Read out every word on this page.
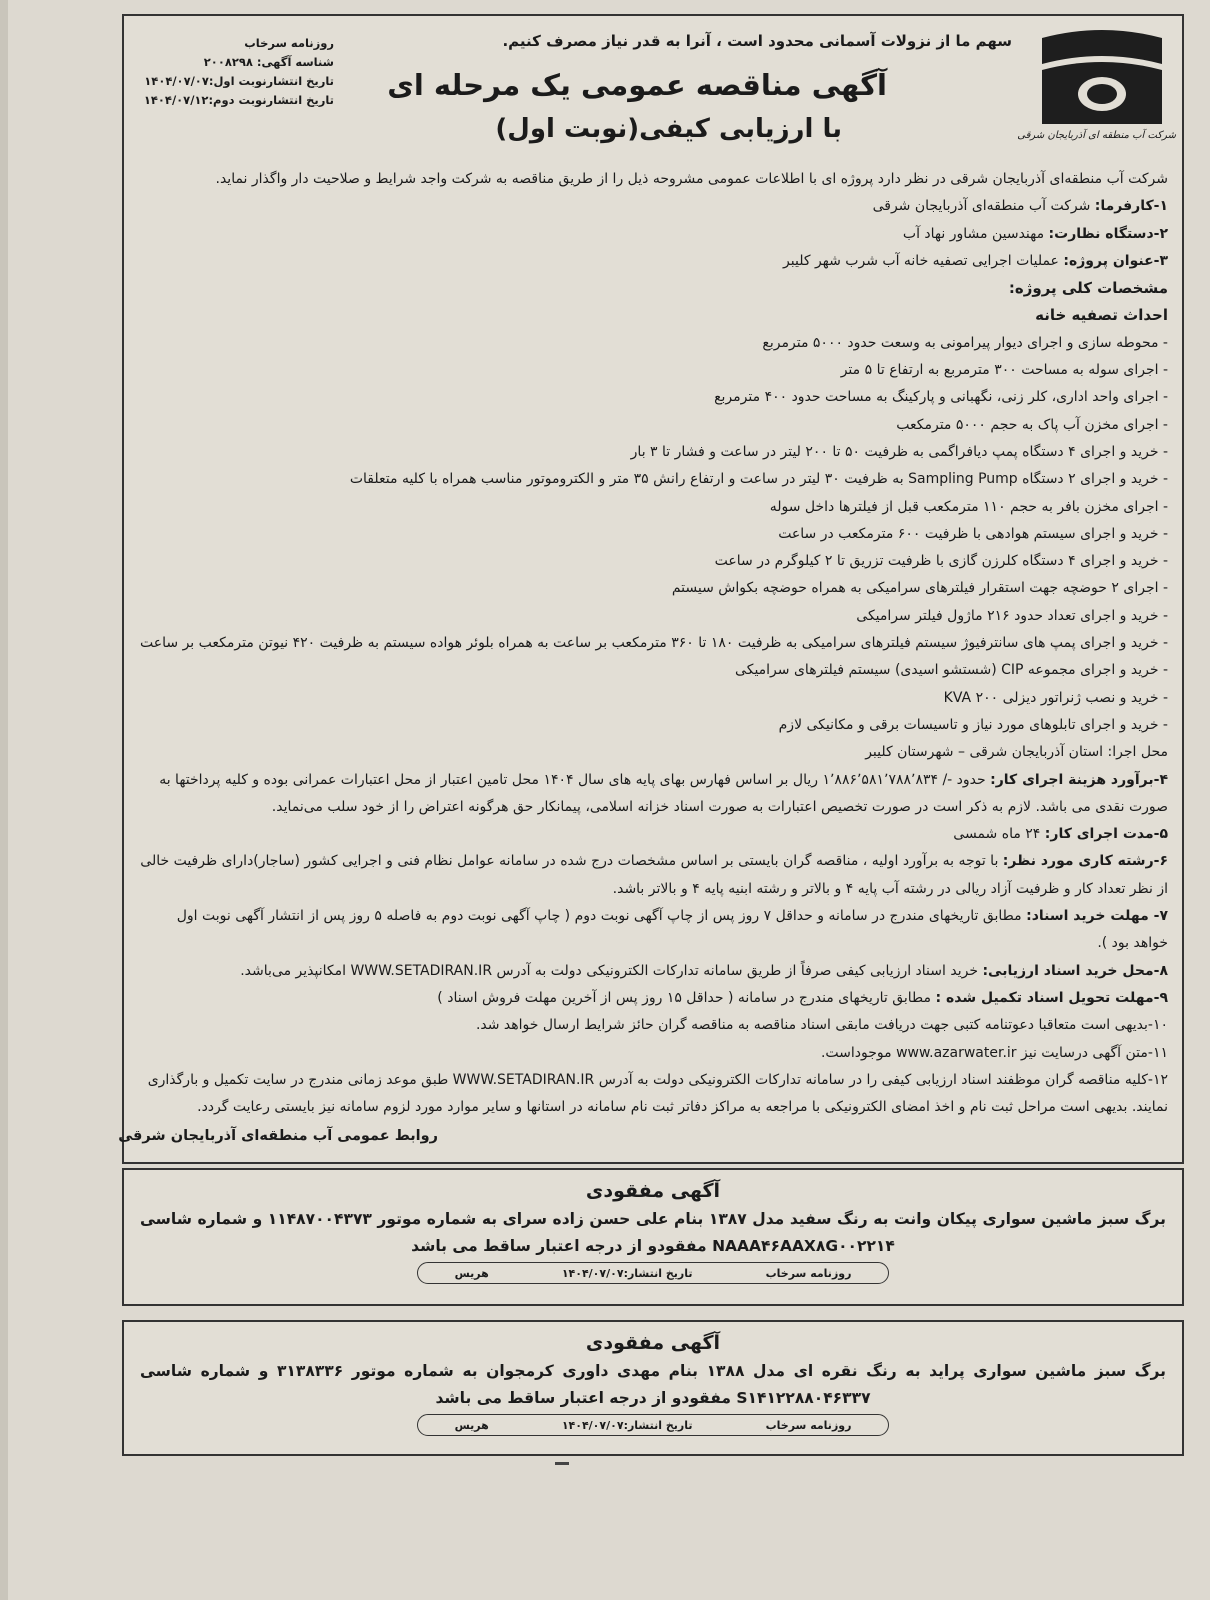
شرکت آب منطقه ای آذربایجان شرقی
سهم ما از نزولات آسمانی محدود است ، آنرا به قدر نیاز مصرف کنیم.
آگهی مناقصه عمومی یک مرحله ای
با ارزیابی کیفی(نوبت اول)
روزنامه سرخاب
شناسه آگهی: ۲۰۰۸۲۹۸
تاریخ انتشارنوبت اول:۱۴۰۴/۰۷/۰۷
تاریخ انتشارنوبت دوم:۱۴۰۴/۰۷/۱۲

شرکت آب منطقه‌ای آذربایجان شرقی در نظر دارد پروژه ای با اطلاعات عمومی مشروحه ذیل را از طریق مناقصه به شرکت واجد شرایط و صلاحیت دار واگذار نماید.

۱-کارفرما: شرکت آب منطقه‌ای آذربایجان شرقی

۲-دستگاه نظارت: مهندسین مشاور نهاد آب

۳-عنوان پروژه: عملیات اجرایی تصفیه خانه آب شرب شهر کلیبر

مشخصات کلی پروژه:

احداث تصفیه خانه

- محوطه سازی و اجرای دیوار پیرامونی به وسعت حدود ۵۰۰۰ مترمربع

- اجرای سوله به مساحت ۳۰۰ مترمربع به ارتفاع تا ۵ متر

- اجرای واحد اداری، کلر زنی، نگهبانی و پارکینگ به مساحت حدود ۴۰۰ مترمربع

- اجرای مخزن آب پاک به حجم ۵۰۰۰ مترمکعب

- خرید و اجرای ۴ دستگاه پمپ دیافراگمی به ظرفیت ۵۰ تا ۲۰۰ لیتر در ساعت و فشار تا ۳ بار

- خرید و اجرای ۲ دستگاه Sampling Pump به ظرفیت ۳۰ لیتر در ساعت و ارتفاع رانش ۳۵ متر و الکتروموتور مناسب همراه با کلیه متعلقات

- اجرای مخزن بافر به حجم ۱۱۰ مترمکعب قبل از فیلترها داخل سوله

- خرید و اجرای سیستم هوادهی با ظرفیت ۶۰۰ مترمکعب در ساعت

- خرید و اجرای ۴ دستگاه کلرزن گازی با ظرفیت تزریق تا ۲ کیلوگرم در ساعت

- اجرای ۲ حوضچه جهت استقرار فیلترهای سرامیکی به همراه حوضچه بکواش سیستم

- خرید و اجرای تعداد حدود ۲۱۶ ماژول فیلتر سرامیکی

- خرید و اجرای پمپ های سانترفیوژ سیستم فیلترهای سرامیکی به ظرفیت ۱۸۰ تا ۳۶۰ مترمکعب بر ساعت به همراه بلوئر هواده سیستم به ظرفیت ۴۲۰ نیوتن مترمکعب بر ساعت

- خرید و اجرای مجموعه CIP (شستشو اسیدی) سیستم فیلترهای سرامیکی

- خرید و نصب ژنراتور دیزلی ۲۰۰ KVA

- خرید و اجرای تابلوهای مورد نیاز و تاسیسات برقی و مکانیکی لازم

محل اجرا: استان آذربایجان شرقی – شهرستان کلیبر

۴-برآورد هزینة اجرای کار: حدود -/ ۱٬۸۸۶٬۵۸۱٬۷۸۸٬۸۳۴ ریال بر اساس فهارس بهای پایه های سال ۱۴۰۴ محل تامین اعتبار از محل اعتبارات عمرانی بوده و کلیه پرداختها به صورت نقدی می باشد. لازم به ذکر است در صورت تخصیص اعتبارات به صورت اسناد خزانه اسلامی، پیمانکار حق هرگونه اعتراض را از خود سلب می‌نماید.

۵-مدت اجرای کار: ۲۴ ماه شمسی

۶-رشته کاری مورد نظر: با توجه به برآورد اولیه ، مناقصه گران بایستی بر اساس مشخصات درج شده در سامانه عوامل نظام فنی و اجرایی کشور (ساجار)دارای ظرفیت خالی از نظر تعداد کار و ظرفیت آزاد ریالی در رشته آب پایه ۴ و بالاتر و رشته ابنیه پایه ۴ و بالاتر باشد.

۷- مهلت خرید اسناد: مطابق تاریخهای مندرج در سامانه و حداقل ۷ روز پس از چاپ آگهی نوبت دوم ( چاپ آگهی نوبت دوم به فاصله ۵ روز پس از انتشار آگهی نوبت اول خواهد بود ).

۸-محل خرید اسناد ارزیابی: خرید اسناد ارزیابی کیفی صرفاً از طریق سامانه تدارکات الکترونیکی دولت به آدرس WWW.SETADIRAN.IR امکانپذیر می‌باشد.

۹-مهلت تحویل اسناد تکمیل شده : مطابق تاریخهای مندرج در سامانه ( حداقل ۱۵ روز پس از آخرین مهلت فروش اسناد )

۱۰-بدیهی است متعاقبا دعوتنامه کتبی جهت دریافت مابقی اسناد مناقصه به مناقصه گران حائز شرایط ارسال خواهد شد.

۱۱-متن آگهی درسایت نیز www.azarwater.ir موجوداست.

۱۲-کلیه مناقصه گران موظفند اسناد ارزیابی کیفی را در سامانه تدارکات الکترونیکی دولت به آدرس WWW.SETADIRAN.IR طبق موعد زمانی مندرج در سایت تکمیل و بارگذاری نمایند. بدیهی است مراحل ثبت نام و اخذ امضای الکترونیکی با مراجعه به مراکز دفاتر ثبت نام سامانه در استانها و سایر موارد مورد لزوم سامانه نیز بایستی رعایت گردد.

روابط عمومی آب منطقه‌ای آذربایجان شرقی
آگهی مفقودی
برگ سبز ماشین سواری پیکان وانت به رنگ سفید مدل ۱۳۸۷ بنام علی حسن زاده سرای به شماره موتور ۱۱۴۸۷۰۰۴۳۷۳ و شماره شاسی NAAA۴۶AAX۸G۰۰۲۲۱۴ مفقودو از درجه اعتبار ساقط می باشد
روزنامه سرخاب
تاریخ انتشار:۱۴۰۴/۰۷/۰۷
هریس
آگهی مفقودی
برگ سبز ماشین سواری پراید به رنگ نقره ای مدل ۱۳۸۸ بنام مهدی داوری کرمجوان به شماره موتور ۳۱۳۸۳۳۶ و شماره شاسی S۱۴۱۲۲۸۸۰۴۶۳۳۷ مفقودو از درجه اعتبار ساقط می باشد
روزنامه سرخاب
تاریخ انتشار:۱۴۰۴/۰۷/۰۷
هریس
